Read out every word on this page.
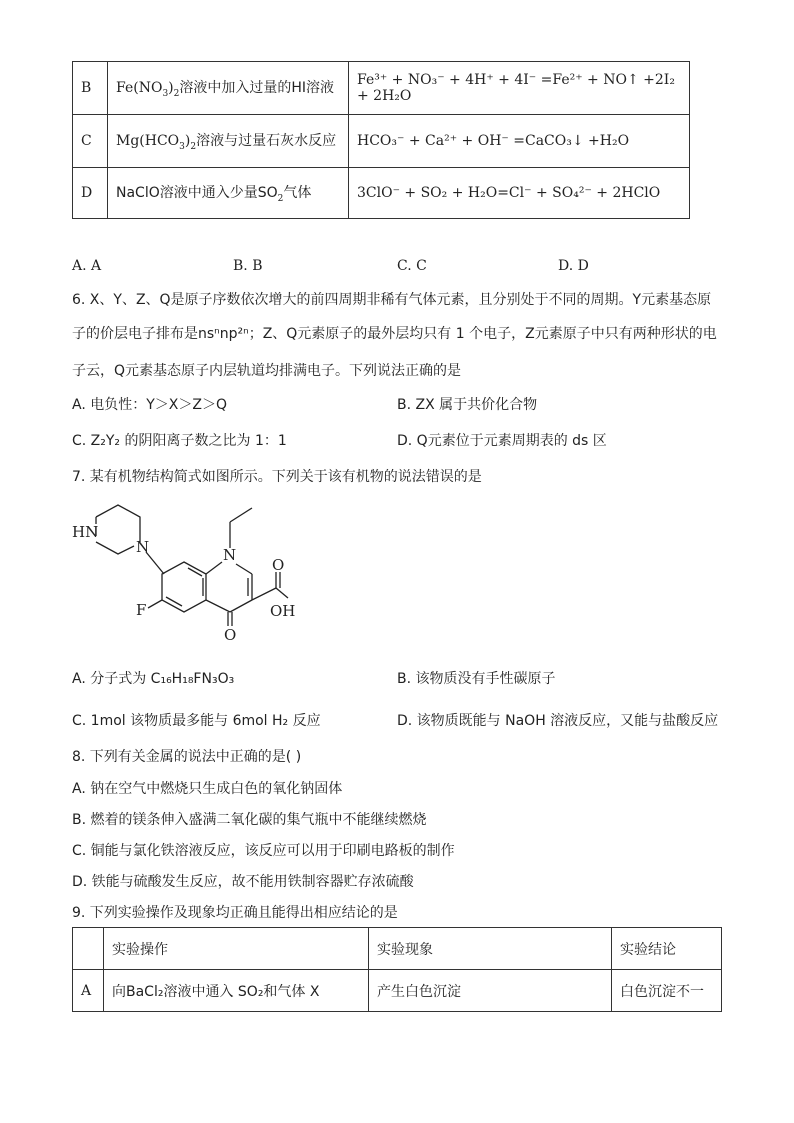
B	$Fe(NO_3)_2$溶液中加入过量的HI溶液	Fe³⁺ + NO₃⁻ + 4H⁺ + 4I⁻ =Fe²⁺ + NO↑ +2I₂ + 2H₂O
C	$Mg(HCO_3)_2$溶液与过量石灰水反应	HCO₃⁻ + Ca²⁺ + OH⁻ =CaCO₃↓ +H₂O
D	NaClO溶液中通入少量$SO_2$气体	3ClO⁻ + SO₂ + H₂O=Cl⁻ + SO₄²⁻ + 2HClO
A. A	B. B	C. C	D. D
6. X、Y、Z、Q是原子序数依次增大的前四周期非稀有气体元素，且分别处于不同的周期。Y元素基态原
子的价层电子排布是nsⁿnp²ⁿ；Z、Q元素原子的最外层均只有 1 个电子，Z元素原子中只有两种形状的电
子云，Q元素基态原子内层轨道均排满电子。下列说法正确的是
A. 电负性：Y＞X＞Z＞Q	B. ZX 属于共价化合物
C. Z₂Y₂ 的阴阳离子数之比为 1：1	D. Q元素位于元素周期表的 ds 区
7. 某有机物结构简式如图所示。下列关于该有机物的说法错误的是
HN
N	N
F
O
O
OH
A. 分子式为 C₁₆H₁₈FN₃O₃	B. 该物质没有手性碳原子
C. 1mol 该物质最多能与 6mol H₂ 反应	D. 该物质既能与 NaOH 溶液反应，又能与盐酸反应
8. 下列有关金属的说法中正确的是( )
A. 钠在空气中燃烧只生成白色的氧化钠固体
B. 燃着的镁条伸入盛满二氧化碳的集气瓶中不能继续燃烧
C. 铜能与氯化铁溶液反应，该反应可以用于印刷电路板的制作
D. 铁能与硫酸发生反应，故不能用铁制容器贮存浓硫酸
9. 下列实验操作及现象均正确且能得出相应结论的是
	实验操作	实验现象	实验结论
A	向BaCl₂溶液中通入 SO₂和气体 X	产生白色沉淀	白色沉淀不一
